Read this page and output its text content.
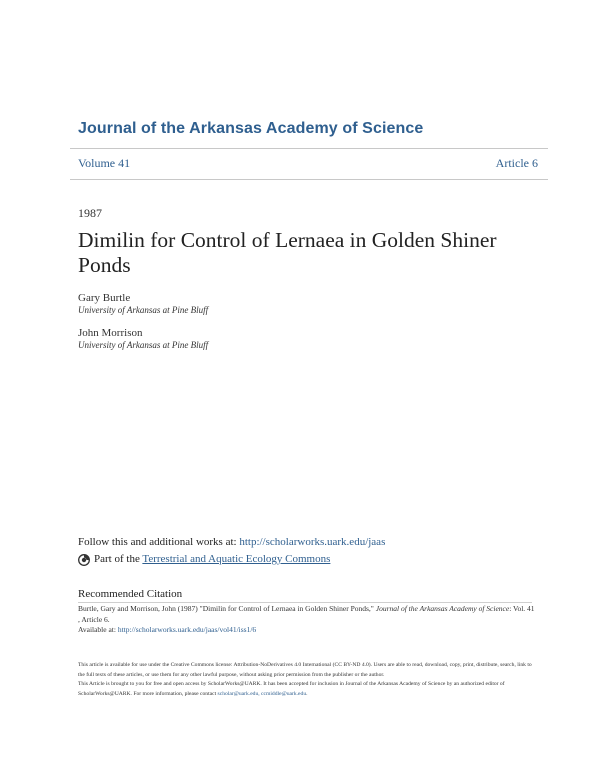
Journal of the Arkansas Academy of Science
Volume 41	Article 6
1987
Dimilin for Control of Lernaea in Golden Shiner Ponds
Gary Burtle
University of Arkansas at Pine Bluff
John Morrison
University of Arkansas at Pine Bluff
Follow this and additional works at: http://scholarworks.uark.edu/jaas
Part of the Terrestrial and Aquatic Ecology Commons
Recommended Citation
Burtle, Gary and Morrison, John (1987) "Dimilin for Control of Lernaea in Golden Shiner Ponds," Journal of the Arkansas Academy of Science: Vol. 41 , Article 6.
Available at: http://scholarworks.uark.edu/jaas/vol41/iss1/6
This article is available for use under the Creative Commons license: Attribution-NoDerivatives 4.0 International (CC BY-ND 4.0). Users are able to read, download, copy, print, distribute, search, link to the full texts of these articles, or use them for any other lawful purpose, without asking prior permission from the publisher or the author.
This Article is brought to you for free and open access by ScholarWorks@UARK. It has been accepted for inclusion in Journal of the Arkansas Academy of Science by an authorized editor of ScholarWorks@UARK. For more information, please contact scholar@uark.edu, ccmiddle@uark.edu.
